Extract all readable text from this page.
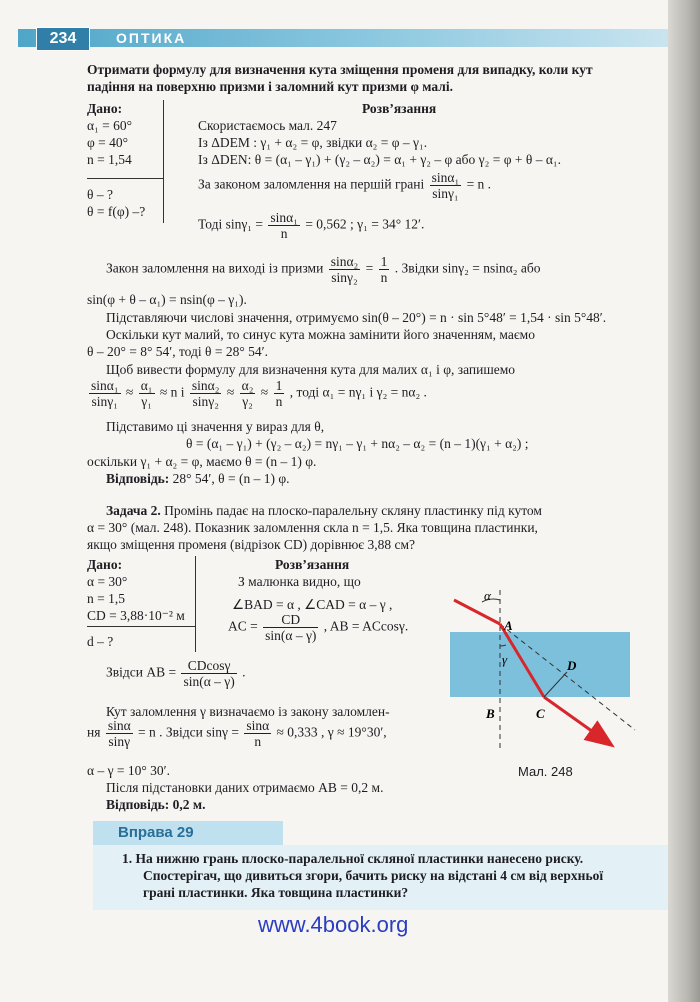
234	ОПТИКА
Отримати формулу для визначення кута зміщення променя для випадку, коли кут
падіння на поверхню призми і заломний кут призми φ малі.
Дано:
α₁ = 60°
φ = 40°
n = 1,54
θ – ?
θ = f(φ) –?
Розв’язання
Скористаємось мал. 247
Із ΔDEM : γ₁ + α₂ = φ, звідки α₂ = φ – γ₁.
Із ΔDEN: θ = (α₁ – γ₁) + (γ₂ – α₂) = α₁ + γ₂ – φ або γ₂ = φ + θ – α₁.
За законом заломлення на першій грані $\frac{\text{sinα₁}}{\text{sinγ₁}} = n$ .
Тоді $\sin\gamma_1 = \frac{\text{sinα₁}}{n} = 0,562$ ; γ₁ = 34° 12′.
Закон заломлення на виході із призми $\frac{\text{sinα₂}}{\text{sinγ₂}} = \frac{1}{n}$ . Звідки sinγ₂ = nsinα₂ або
sin(φ + θ – α₁) = nsin(φ – γ₁).
Підставляючи числові значення, отримуємо sin(θ – 20°) = n · sin 5°48′ = 1,54 · sin 5°48′.
Оскільки кут малий, то синус кута можна замінити його значенням, маємо
θ – 20° = 8° 54′, тоді θ = 28° 54′.
Щоб вивести формулу для визначення кута для малих α₁ і φ, запишемо
$\frac{\text{sinα₁}}{\text{sinγ₁}} \approx \frac{\text{α₁}}{\text{γ₁}} \approx n$ і $\frac{\text{sinα₂}}{\text{sinγ₂}} \approx \frac{\text{α₂}}{\text{γ₂}} \approx \frac{1}{n}$ , тоді α₁ = nγ₁ і γ₂ = nα₂ .
Підставимо ці значення у вираз для θ,
θ = (α₁ – γ₁) + (γ₂ – α₂) = nγ₁ – γ₁ + nα₂ – α₂ = (n – 1)(γ₁ + α₂) ;
оскільки γ₁ + α₂ = φ, маємо θ = (n – 1) φ.
Відповідь: 28° 54′, θ = (n – 1) φ.
Задача 2. Промінь падає на плоско-паралельну скляну пластинку під кутом
α = 30° (мал. 248). Показник заломлення скла n = 1,5. Яка товщина пластинки,
якщо зміщення променя (відрізок CD) дорівнює 3,88 см?
Дано:
α = 30°
n = 1,5
CD = 3,88·10⁻² м
d – ?
Розв’язання
З малюнка видно, що
∠BAD = α , ∠CAD = α – γ ,
AC = $\frac{CD}{\sin(\alpha - \gamma)}$ , AB = ACcosγ.
Звідси AB = $\frac{CDcos\gamma}{\sin(\alpha - \gamma)}$ .
Кут заломлення γ визначаємо із закону заломлен-
ня $\frac{\sin\alpha}{\sin\gamma} = n$ . Звідси $\sin\gamma = \frac{\sin\alpha}{n} \approx 0,333$ , γ ≈ 19°30′,
α – γ = 10° 30′.
Після підстановки даних отримаємо AB = 0,2 м.
Відповідь: 0,2 м.
α
A
γ	D
B	C
Мал. 248
Вправа 29
1. На нижню грань плоско-паралельної скляної пластинки нанесено риску.
Спостерігач, що дивиться згори, бачить риску на відстані 4 см від верхньої
грані пластинки. Яка товщина пластинки?
www.4book.org
